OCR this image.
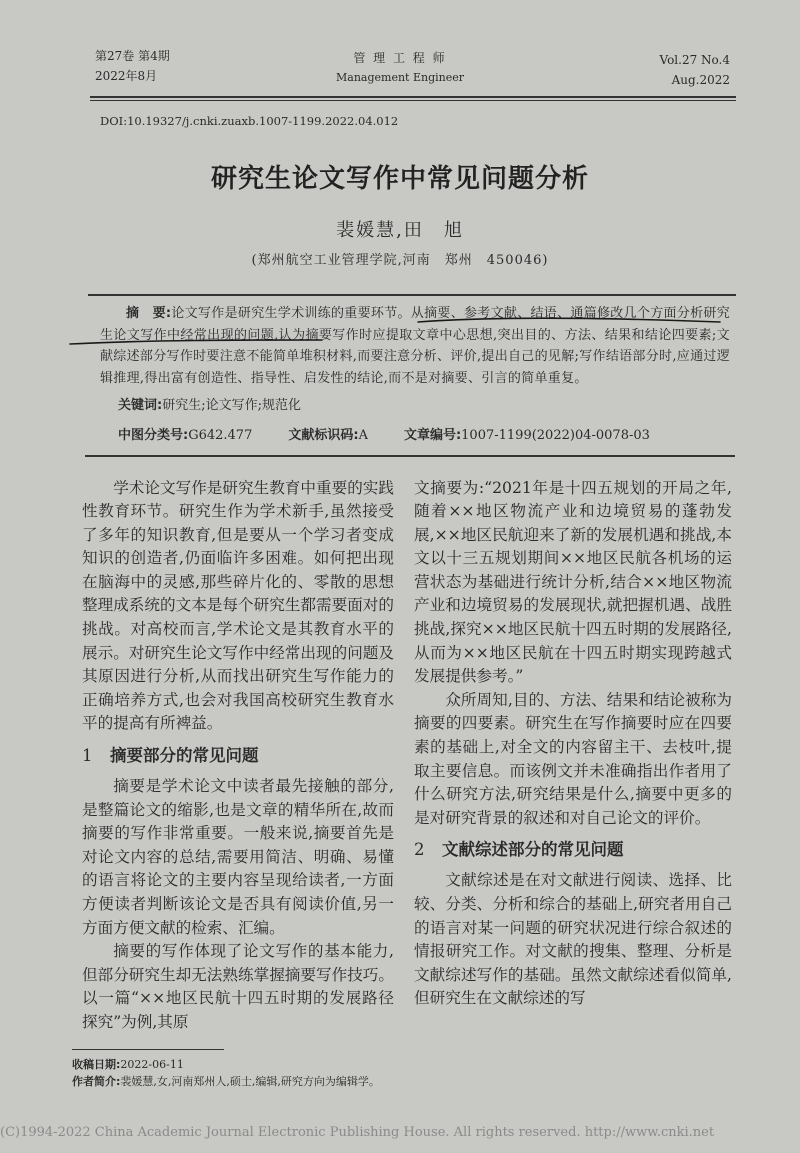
第27卷 第4期
2022年8月
管 理 工 程 师
Management Engineer
Vol.27 No.4
Aug.2022
DOI:10.19327/j.cnki.zuaxb.1007-1199.2022.04.012
研究生论文写作中常见问题分析
裴媛慧,田　旭
(郑州航空工业管理学院,河南　郑州　450046)
摘　要:论文写作是研究生学术训练的重要环节。从摘要、参考文献、结语、通篇修改几个方面分析研究生论文写作中经常出现的问题,认为摘要写作时应提取文章中心思想,突出目的、方法、结果和结论四要素;文献综述部分写作时要注意不能简单堆积材料,而要注意分析、评价,提出自己的见解;写作结语部分时,应通过逻辑推理,得出富有创造性、指导性、启发性的结论,而不是对摘要、引言的简单重复。
关键词:研究生;论文写作;规范化
中图分类号:G642.477	文献标识码:A	文章编号:1007-1199(2022)04-0078-03

学术论文写作是研究生教育中重要的实践性教育环节。研究生作为学术新手,虽然接受了多年的知识教育,但是要从一个学习者变成知识的创造者,仍面临许多困难。如何把出现在脑海中的灵感,那些碎片化的、零散的思想整理成系统的文本是每个研究生都需要面对的挑战。对高校而言,学术论文是其教育水平的展示。对研究生论文写作中经常出现的问题及其原因进行分析,从而找出研究生写作能力的正确培养方式,也会对我国高校研究生教育水平的提高有所裨益。

1 摘要部分的常见问题

摘要是学术论文中读者最先接触的部分,是整篇论文的缩影,也是文章的精华所在,故而摘要的写作非常重要。一般来说,摘要首先是对论文内容的总结,需要用简洁、明确、易懂的语言将论文的主要内容呈现给读者,一方面方便读者判断该论文是否具有阅读价值,另一方面方便文献的检索、汇编。

摘要的写作体现了论文写作的基本能力,但部分研究生却无法熟练掌握摘要写作技巧。以一篇“××地区民航十四五时期的发展路径探究”为例,其原

文摘要为:“2021年是十四五规划的开局之年,随着××地区物流产业和边境贸易的蓬勃发展,××地区民航迎来了新的发展机遇和挑战,本文以十三五规划期间××地区民航各机场的运营状态为基础进行统计分析,结合××地区物流产业和边境贸易的发展现状,就把握机遇、战胜挑战,探究××地区民航十四五时期的发展路径,从而为××地区民航在十四五时期实现跨越式发展提供参考。”

众所周知,目的、方法、结果和结论被称为摘要的四要素。研究生在写作摘要时应在四要素的基础上,对全文的内容留主干、去枝叶,提取主要信息。而该例文并未准确指出作者用了什么研究方法,研究结果是什么,摘要中更多的是对研究背景的叙述和对自己论文的评价。

2 文献综述部分的常见问题

文献综述是在对文献进行阅读、选择、比较、分类、分析和综合的基础上,研究者用自己的语言对某一问题的研究状况进行综合叙述的情报研究工作。对文献的搜集、整理、分析是文献综述写作的基础。虽然文献综述看似简单,但研究生在文献综述的写

收稿日期:2022-06-11
作者简介:裴媛慧,女,河南郑州人,硕士,编辑,研究方向为编辑学。
(C)1994-2022 China Academic Journal Electronic Publishing House. All rights reserved. http://www.cnki.net
